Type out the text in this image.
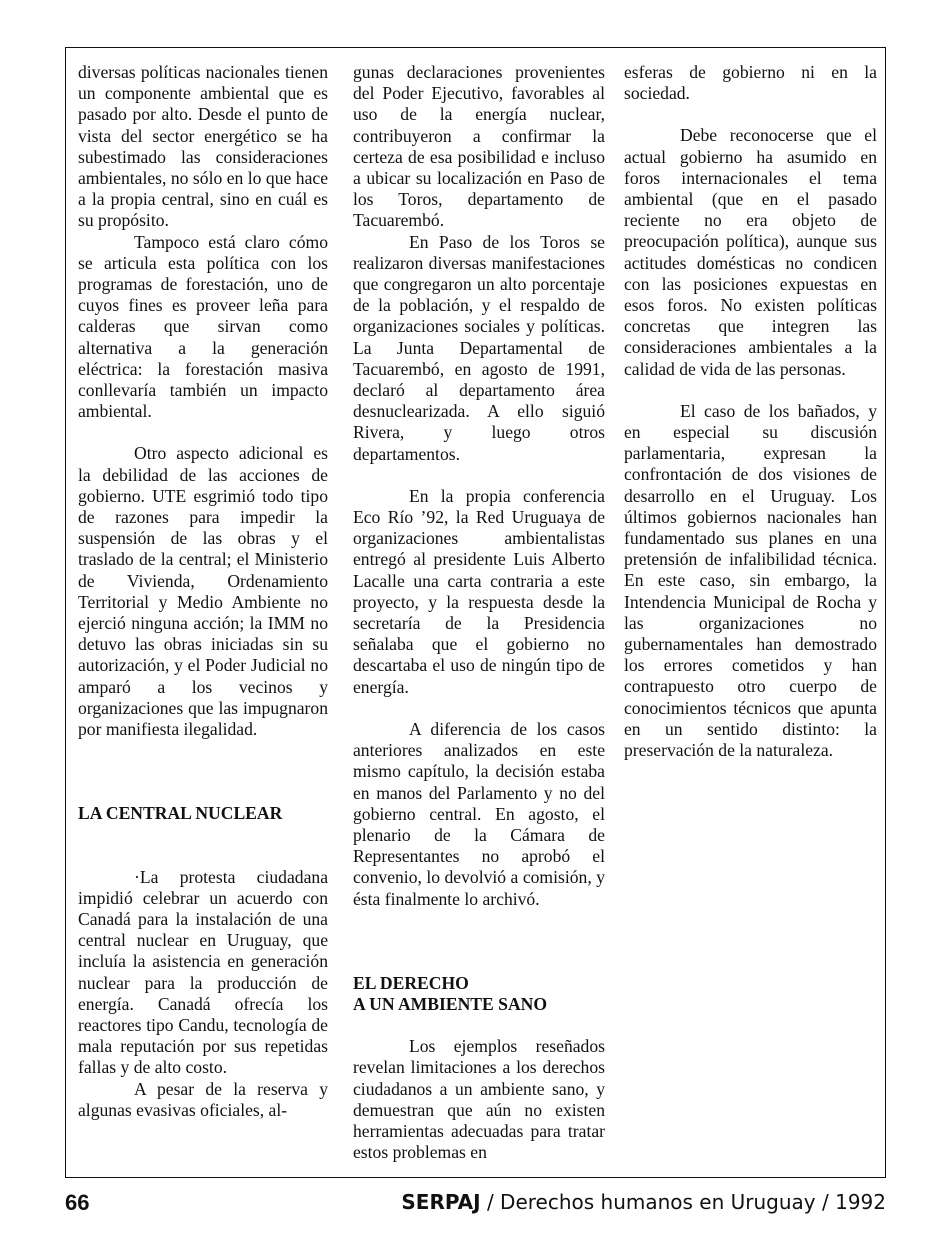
diversas políticas nacionales tienen un componente ambiental que es pasado por alto. Desde el punto de vista del sector energético se ha subestimado las consideraciones ambientales, no sólo en lo que hace a la propia central, sino en cuál es su propósito.

Tampoco está claro cómo se articula esta política con los programas de forestación, uno de cuyos fines es proveer leña para calderas que sirvan como alternativa a la generación eléctrica: la forestación masiva conllevaría también un impacto ambiental.

Otro aspecto adicional es la debilidad de las acciones de gobierno. UTE esgrimió todo tipo de razones para impedir la suspensión de las obras y el traslado de la central; el Ministerio de Vivienda, Ordenamiento Territorial y Medio Ambiente no ejerció ninguna acción; la IMM no detuvo las obras iniciadas sin su autorización, y el Poder Judicial no amparó a los vecinos y organizaciones que las impugnaron por manifiesta ilegalidad.

LA CENTRAL NUCLEAR

·La protesta ciudadana impidió celebrar un acuerdo con Canadá para la instalación de una central nuclear en Uruguay, que incluía la asistencia en generación nuclear para la producción de energía. Canadá ofrecía los reactores tipo Candu, tecnología de mala reputación por sus repetidas fallas y de alto costo.

A pesar de la reserva y algunas evasivas oficiales, al-

gunas declaraciones provenientes del Poder Ejecutivo, favorables al uso de la energía nuclear, contribuyeron a confirmar la certeza de esa posibilidad e incluso a ubicar su localización en Paso de los Toros, departamento de Tacuarembó.

En Paso de los Toros se realizaron diversas manifestaciones que congregaron un alto porcentaje de la población, y el respaldo de organizaciones sociales y políticas. La Junta Departamental de Tacuarembó, en agosto de 1991, declaró al departamento área desnuclearizada. A ello siguió Rivera, y luego otros departamentos.

En la propia conferencia Eco Río ’92, la Red Uruguaya de organizaciones ambientalistas entregó al presidente Luis Alberto Lacalle una carta contraria a este proyecto, y la respuesta desde la secretaría de la Presidencia señalaba que el gobierno no descartaba el uso de ningún tipo de energía.

A diferencia de los casos anteriores analizados en este mismo capítulo, la decisión estaba en manos del Parlamento y no del gobierno central. En agosto, el plenario de la Cámara de Representantes no aprobó el convenio, lo devolvió a comisión, y ésta finalmente lo archivó.

EL DERECHO
A UN AMBIENTE SANO

Los ejemplos reseñados revelan limitaciones a los derechos ciudadanos a un ambiente sano, y demuestran que aún no existen herramientas adecuadas para tratar estos problemas en

esferas de gobierno ni en la sociedad.

Debe reconocerse que el actual gobierno ha asumido en foros internacionales el tema ambiental (que en el pasado reciente no era objeto de preocupación política), aunque sus actitudes domésticas no condicen con las posiciones expuestas en esos foros. No existen políticas concretas que integren las consideraciones ambientales a la calidad de vida de las personas.

El caso de los bañados, y en especial su discusión parlamentaria, expresan la confrontación de dos visiones de desarrollo en el Uruguay. Los últimos gobiernos nacionales han fundamentado sus planes en una pretensión de infalibilidad técnica. En este caso, sin embargo, la Intendencia Municipal de Rocha y las organizaciones no gubernamentales han demostrado los errores cometidos y han contrapuesto otro cuerpo de conocimientos técnicos que apunta en un sentido distinto: la preservación de la naturaleza.

66	SERPAJ / Derechos humanos en Uruguay / 1992
